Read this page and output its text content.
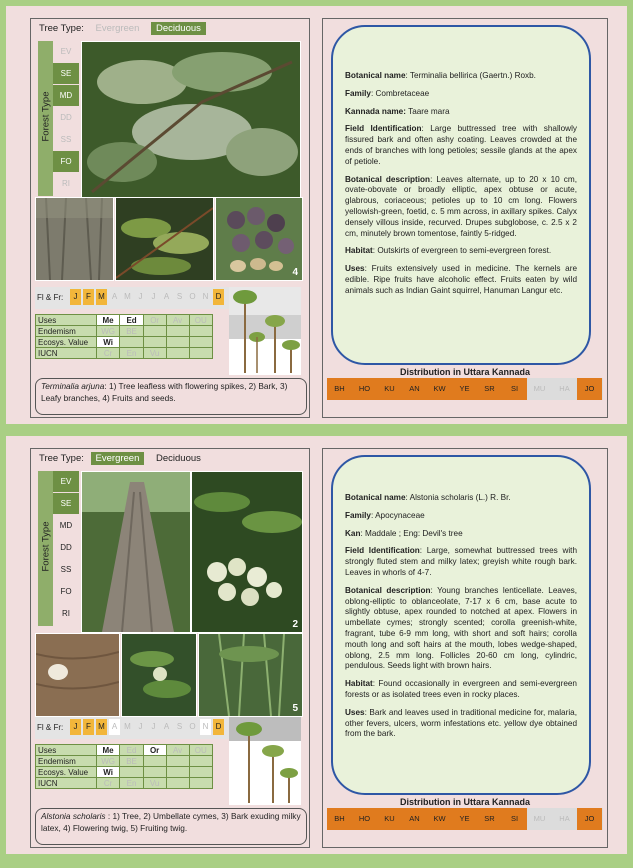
Tree Type: Evergreen Deciduous
Forest Type
EV
SE
MD
DD
SS
FO
RI
4
Fl & Fr:	J F M A M J J A S O N D
Uses	Me	Ed	Or	Av	OU
Endemism	WG	BE			
Ecosys. Value	Wi				
IUCN	Cr	En	Vu		
Terminalia arjuna: 1) Tree leafless with flowering spikes, 2) Bark, 3) Leafy branches, 4) Fruits and seeds.

Botanical name: Terminalia bellirica (Gaertn.) Roxb.

Family: Combretaceae

Kannada name: Taare mara

Field Identification: Large buttressed tree with shallowly fissured bark and often ashy coating. Leaves crowded at the ends of branches with long petioles; sessile glands at the apex of petiole.

Botanical description: Leaves alternate, up to 20 x 10 cm, ovate-obovate or broadly elliptic, apex obtuse or acute, glabrous, coriaceous; petioles up to 10 cm long. Flowers yellowish-green, foetid, c. 5 mm across, in axillary spikes. Calyx densely villous inside, recurved. Drupes subglobose, c. 2.5 x 2 cm, minutely brown tomentose, faintly 5-ridged.

Habitat: Outskirts of evergreen to semi-evergreen forest.

Uses: Fruits extensively used in medicine. The kernels are edible. Ripe fruits have alcoholic effect. Fruits eaten by wild animals such as Indian Gaint squirrel, Hanuman Langur etc.

Distribution in Uttara Kannada
BH	HO	KU	AN	KW	YE	SR	SI	MU	HA	JO
Tree Type: Evergreen Deciduous
Forest Type
EV
SE
MD
DD
SS
FO
RI
2
5
Fl & Fr:	J F M A M J J A S O N D
Uses	Me	Ed	Or	Av	OU
Endemism	WG	BE			
Ecosys. Value	Wi				
IUCN	Cr	En	Vu		
Alstonia scholaris : 1) Tree, 2) Umbellate cymes, 3) Bark exuding milky latex, 4) Flowering twig, 5) Fruiting twig.

Botanical name: Alstonia scholaris (L.) R. Br.

Family: Apocynaceae

Kan: Maddale ; Eng: Devil's tree

Field Identification: Large, somewhat buttressed trees with strongly fluted stem and milky latex; greyish white rough bark. Leaves in whorls of 4-7.

Botanical description: Young branches lenticellate. Leaves, oblong-elliptic to oblanceolate, 7-17 x 6 cm, base acute to slightly obtuse, apex rounded to notched at apex. Flowers in umbellate cymes; strongly scented; corolla greenish-white, fragrant, tube 6-9 mm long, with short and soft hairs; corolla mouth long and soft hairs at the mouth, lobes wedge-shaped, oblong, 2.5 mm long. Follicles 20-60 cm long, cylindric, pendulous. Seeds light with brown hairs.

Habitat: Found occasionally in evergreen and semi-evergreen forests or as isolated trees even in rocky places.

Uses: Bark and leaves used in traditional medicine for, malaria, other fevers, ulcers, worm infestations etc. yellow dye obtained from the bark.

Distribution in Uttara Kannada
BH	HO	KU	AN	KW	YE	SR	SI	MU	HA	JO
